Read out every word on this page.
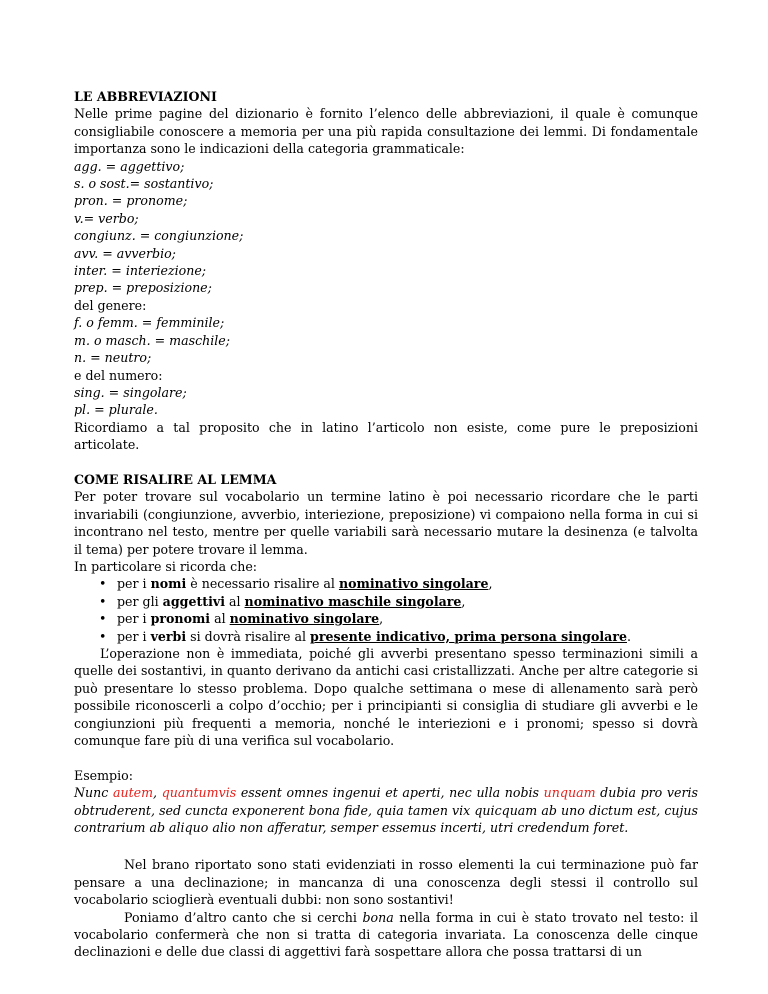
LE ABBREVIAZIONI

Nelle prime pagine del dizionario è fornito l’elenco delle abbreviazioni, il quale è comunque consigliabile conoscere a memoria per una più rapida consultazione dei lemmi. Di fondamentale importanza sono le indicazioni della categoria grammaticale:

agg. = aggettivo;
s. o sost.= sostantivo;
pron. = pronome;
v.= verbo;
congiunz. = congiunzione;
avv. = avverbio;
inter. = interiezione;
prep. = preposizione;
del genere:
f. o femm. = femminile;
m. o masch. = maschile;
n. = neutro;
e del numero:
sing. = singolare;
pl. = plurale.

Ricordiamo a tal proposito che in latino l’articolo non esiste, come pure le preposizioni articolate.

COME RISALIRE AL LEMMA

Per poter trovare sul vocabolario un termine latino è poi necessario ricordare che le parti invariabili (congiunzione, avverbio, interiezione, preposizione) vi compaiono nella forma in cui si incontrano nel testo, mentre per quelle variabili sarà necessario mutare la desinenza (e talvolta il tema) per potere trovare il lemma.

In particolare si ricorda che:

• per i nomi è necessario risalire al nominativo singolare,
• per gli aggettivi al nominativo maschile singolare,
• per i pronomi al nominativo singolare,
• per i verbi si dovrà risalire al presente indicativo, prima persona singolare.

L’operazione non è immediata, poiché gli avverbi presentano spesso terminazioni simili a quelle dei sostantivi, in quanto derivano da antichi casi cristallizzati. Anche per altre categorie si può presentare lo stesso problema. Dopo qualche settimana o mese di allenamento sarà però possibile riconoscerli a colpo d’occhio; per i principianti si consiglia di studiare gli avverbi e le congiunzioni più frequenti a memoria, nonché le interiezioni e i pronomi; spesso si dovrà comunque fare più di una verifica sul vocabolario.

Esempio:

Nunc autem, quantumvis essent omnes ingenui et aperti, nec ulla nobis unquam dubia pro veris obtruderent, sed cuncta exponerent bona fide, quia tamen vix quicquam ab uno dictum est, cujus contrarium ab aliquo alio non afferatur, semper essemus incerti, utri credendum foret.

Nel brano riportato sono stati evidenziati in rosso elementi la cui terminazione può far pensare a una declinazione; in mancanza di una conoscenza degli stessi il controllo sul vocabolario scioglierà eventuali dubbi: non sono sostantivi!

Poniamo d’altro canto che si cerchi bona nella forma in cui è stato trovato nel testo: il vocabolario confermerà che non si tratta di categoria invariata. La conoscenza delle cinque declinazioni e delle due classi di aggettivi farà sospettare allora che possa trattarsi di un
